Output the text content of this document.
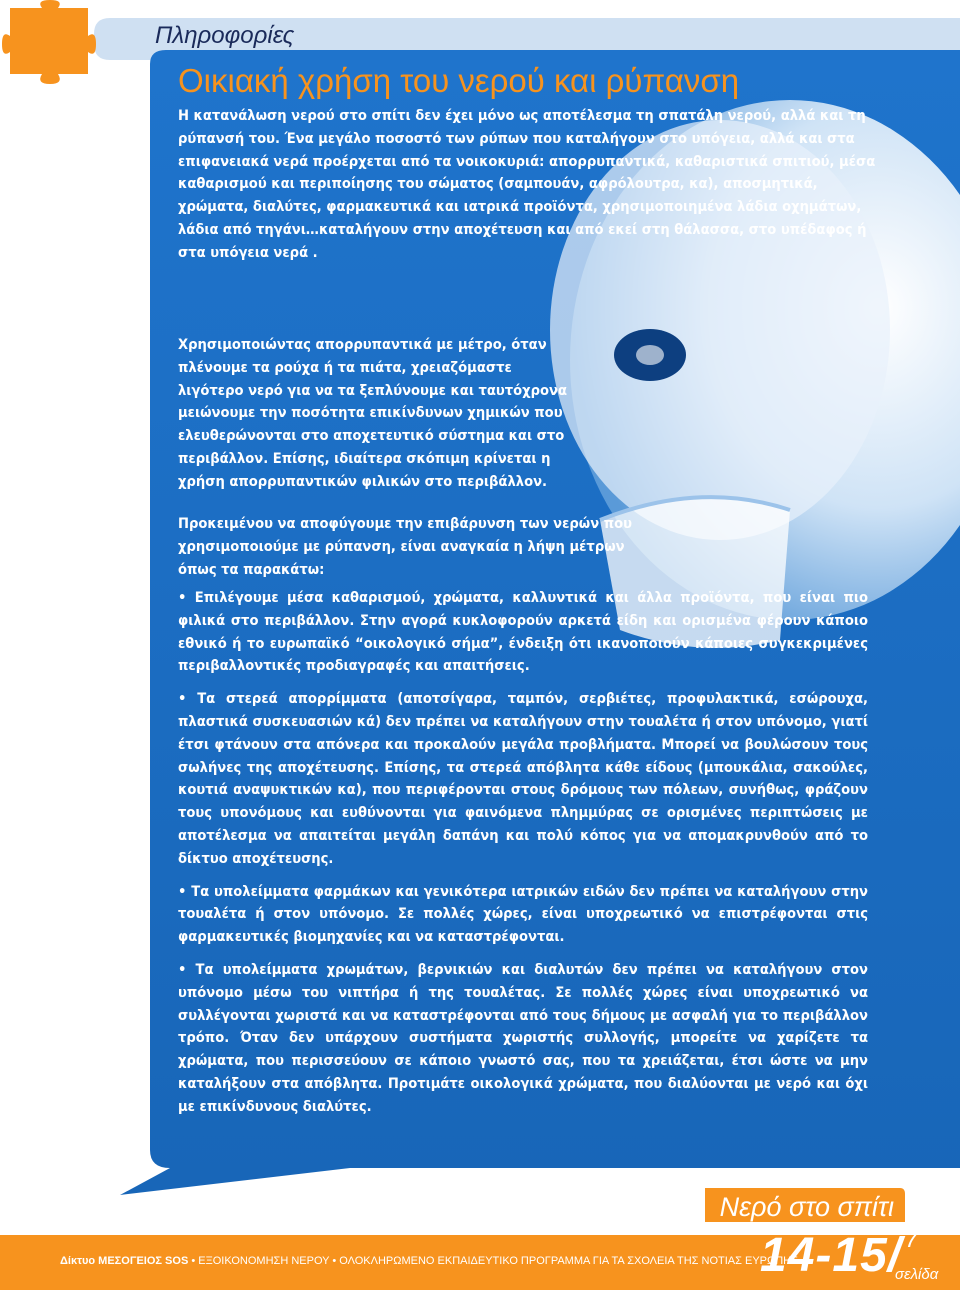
Πληροφορίες
Οικιακή χρήση του νερού και ρύπανση

Η κατανάλωση νερού στο σπίτι δεν έχει μόνο ως αποτέλεσμα τη σπατάλη νερού, αλλά και τη ρύπανσή του. Ένα μεγάλο ποσοστό των ρύπων που καταλήγουν στο υπόγεια, αλλά και στα επιφανειακά νερά προέρχεται από τα νοικοκυριά: απορρυπαντικά, καθαριστικά σπιτιού, μέσα καθαρισμού και περιποίησης του σώματος (σαμπουάν, αφρόλουτρα, κα), αποσμητικά, χρώματα, διαλύτες, φαρμακευτικά και ιατρικά προϊόντα, χρησιμοποιημένα λάδια οχημάτων, λάδια από τηγάνι…καταλήγουν στην αποχέτευση και από εκεί στη θάλασσα, στο υπέδαφος ή στα υπόγεια νερά .

Χρησιμοποιώντας απορρυπαντικά με μέτρο, όταν πλένουμε τα ρούχα ή τα πιάτα, χρειαζόμαστε λιγότερο νερό για να τα ξεπλύνουμε και ταυτόχρονα μειώνουμε την ποσότητα επικίνδυνων χημικών που ελευθερώνονται στο αποχετευτικό σύστημα και στο περιβάλλον. Επίσης, ιδιαίτερα σκόπιμη κρίνεται η χρήση απορρυπαντικών φιλικών στο περιβάλλον.

Προκειμένου να αποφύγουμε την επιβάρυνση των νερών που χρησιμοποιούμε με ρύπανση, είναι αναγκαία η λήψη μέτρων όπως τα παρακάτω:

• Επιλέγουμε μέσα καθαρισμού, χρώματα, καλλυντικά και άλλα προϊόντα, που είναι πιο φιλικά στο περιβάλλον. Στην αγορά κυκλοφορούν αρκετά είδη και ορισμένα φέρουν κάποιο εθνικό ή το ευρωπαϊκό “οικολογικό σήμα”, ένδειξη ότι ικανοποιούν κάποιες συγκεκριμένες περιβαλλοντικές προδιαγραφές και απαιτήσεις.

• Τα στερεά απορρίμματα (αποτσίγαρα, ταμπόν, σερβιέτες, προφυλακτικά, εσώρουχα, πλαστικά συσκευασιών κά) δεν πρέπει να καταλήγουν στην τουαλέτα ή στον υπόνομο, γιατί έτσι φτάνουν στα απόνερα και προκαλούν μεγάλα προβλήματα. Μπορεί να βουλώσουν τους σωλήνες της αποχέτευσης. Επίσης, τα στερεά απόβλητα κάθε είδους (μπουκάλια, σακούλες, κουτιά αναψυκτικών κα), που περιφέρονται στους δρόμους των πόλεων, συνήθως, φράζουν τους υπονόμους και ευθύνονται για φαινόμενα πλημμύρας σε ορισμένες περιπτώσεις με αποτέλεσμα να απαιτείται μεγάλη δαπάνη και πολύ κόπος για να απομακρυνθούν από το δίκτυο αποχέτευσης.

• Τα υπολείμματα φαρμάκων και γενικότερα ιατρικών ειδών δεν πρέπει να καταλήγουν στην τουαλέτα ή στον υπόνομο. Σε πολλές χώρες, είναι υποχρεωτικό να επιστρέφονται στις φαρμακευτικές βιομηχανίες και να καταστρέφονται.

• Τα υπολείμματα χρωμάτων, βερνικιών και διαλυτών δεν πρέπει να καταλήγουν στον υπόνομο μέσω του νιπτήρα ή της τουαλέτας. Σε πολλές χώρες είναι υποχρεωτικό να συλλέγονται χωριστά και να καταστρέφονται από τους δήμους με ασφαλή για το περιβάλλον τρόπο. Όταν δεν υπάρχουν συστήματα χωριστής συλλογής, μπορείτε να χαρίζετε τα χρώματα, που περισσεύουν σε κάποιο γνωστό σας, που τα χρειάζεται, έτσι ώστε να μην καταλήξουν στα απόβλητα. Προτιμάτε οικολογικά χρώματα, που διαλύονται με νερό και όχι με επικίνδυνους διαλύτες.

Νερό στο σπίτι
Δίκτυο ΜΕΣΟΓΕΙΟΣ SOS • ΕΞΟΙΚΟΝΟΜΗΣΗ ΝΕΡΟΥ • ΟΛΟΚΛΗΡΩΜΕΝΟ ΕΚΠΑΙΔΕΥΤΙΚΟ ΠΡΟΓΡΑΜΜΑ ΓΙΑ ΤΑ ΣΧΟΛΕΙΑ ΤΗΣ ΝΟΤΙΑΣ ΕΥΡΩΠΗΣ
14-15/ 7
σελίδα
